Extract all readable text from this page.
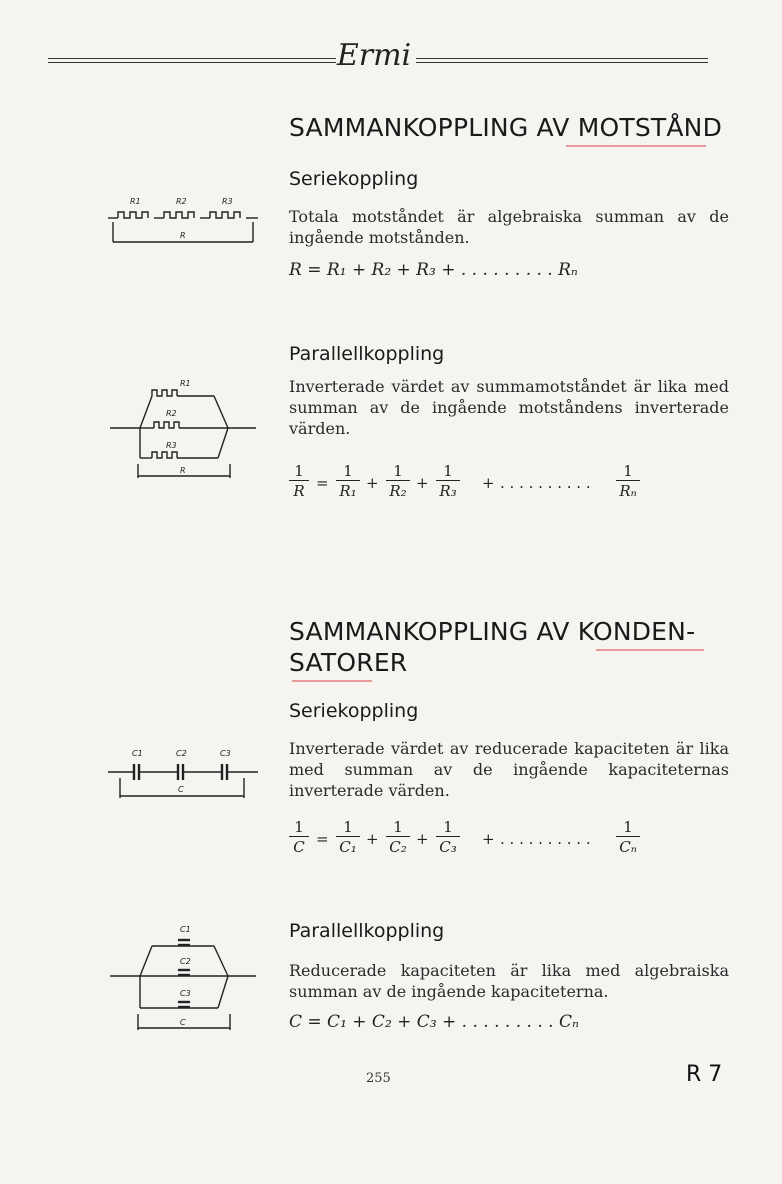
Ermi
SAMMANKOPPLING AV MOTSTÅND
Seriekoppling

Totala motståndet är algebraiska summan av de ingående motstånden.

R = R₁ + R₂ + R₃ + . . . . . . . . . Rₙ
R1	R2	R3
R
Parallellkoppling

Inverterade värdet av summamotståndet är lika med summan av de ingående motståndens inverterade värden.

1
R =
1
R₁ +
1
R₂ +
1
R₃ + . . . . . . . . . .
1
Rₙ
R1
R2
R3
R
SAMMANKOPPLING AV KONDEN-
SATORER
Seriekoppling

Inverterade värdet av reducerade kapaciteten är lika med summan av de ingående kapaciteternas inverterade värden.

1
C =
1
C₁ +
1
C₂ +
1
C₃ + . . . . . . . . . .
1
Cₙ
C1	C2	C3
C
Parallellkoppling

Reducerade kapaciteten är lika med algebraiska summan av de ingående kapaciteterna.

C = C₁ + C₂ + C₃ + . . . . . . . . . Cₙ
C1
C2
C3
C
255	R 7
